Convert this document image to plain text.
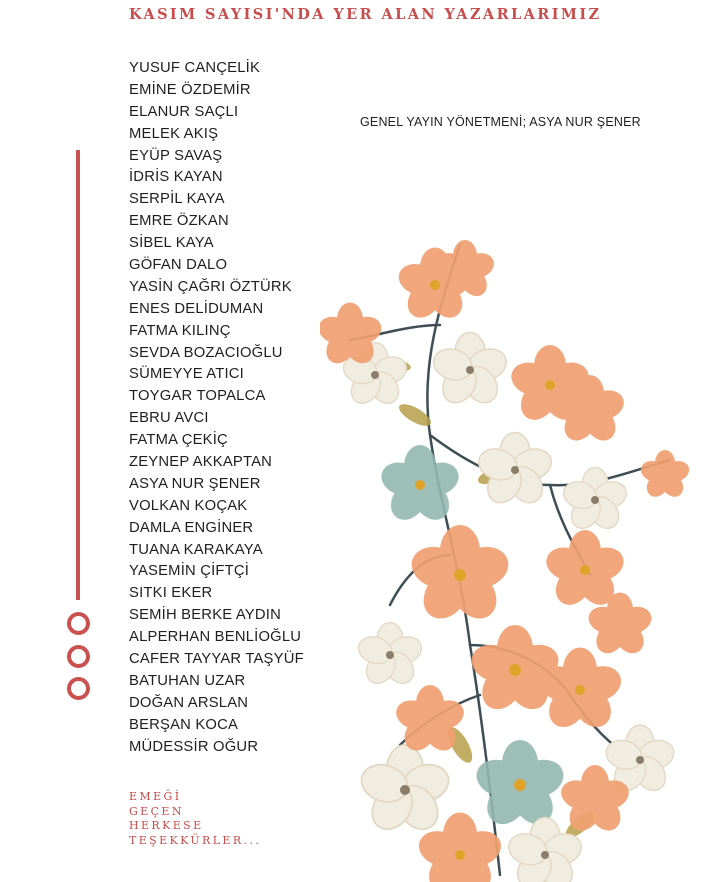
KASIM SAYISI'NDA YER ALAN YAZARLARIMIZ
YUSUF CANÇELİK
EMİNE ÖZDEMİR
ELANUR SAÇLI
MELEK AKIŞ
EYÜP SAVAŞ
İDRİS KAYAN
SERPİL KAYA
EMRE ÖZKAN
SİBEL KAYA
GÖFAN DALO
YASİN ÇAĞRI ÖZTÜRK
ENES DELİDUMAN
FATMA KILINÇ
SEVDA BOZACIOĞLU
SÜMEYYE ATICI
TOYGAR TOPALCA
EBRU AVCI
FATMA ÇEKİÇ
ZEYNEP AKKAPTAN
ASYA NUR ŞENER
VOLKAN KOÇAK
DAMLA ENGİNER
TUANA KARAKAYA
YASEMİN ÇİFTÇİ
SITKI EKER
SEMİH BERKE AYDIN
ALPERHAN BENLİOĞLU
CAFER TAYYAR TAŞYÜF
BATUHAN UZAR
DOĞAN ARSLAN
BERŞAN KOCA
MÜDESSİR OĞUR
GENEL YAYIN YÖNETMENİ; ASYA NUR ŞENER
EMEĞİ
GEÇEN
HERKESE
TEŞEKKÜRLER...
